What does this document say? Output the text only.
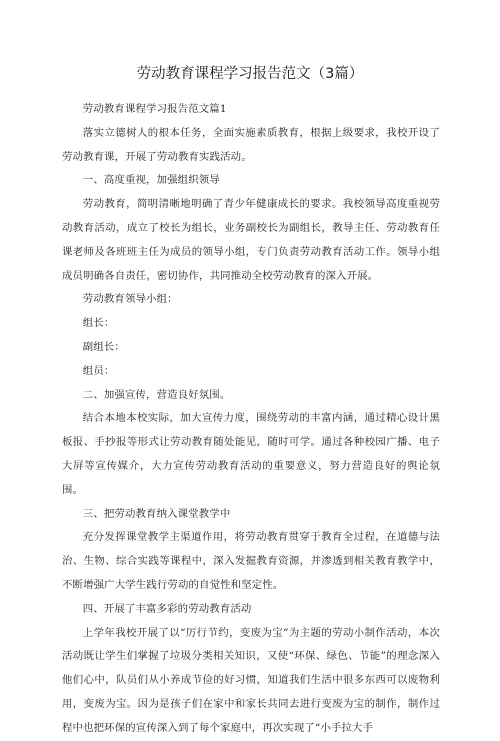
劳动教育课程学习报告范文（3篇）

劳动教育课程学习报告范文篇1

落实立德树人的根本任务，全面实施素质教育，根据上级要求，我校开设了劳动教育课，开展了劳动教育实践活动。

一、高度重视，加强组织领导

劳动教育，简明清晰地明确了青少年健康成长的要求。我校领导高度重视劳动教育活动，成立了校长为组长，业务副校长为副组长，教导主任、劳动教育任课老师及各班班主任为成员的领导小组，专门负责劳动教育活动工作。领导小组成员明确各自责任，密切协作，共同推动全校劳动教育的深入开展。

劳动教育领导小组：

组长：

副组长：

组员：

二、加强宣传，营造良好氛围。

结合本地本校实际，加大宣传力度，围绕劳动的丰富内涵，通过精心设计黑板报、手抄报等形式让劳动教育随处能见，随时可学。通过各种校园广播、电子大屏等宣传媒介，大力宣传劳动教育活动的重要意义，努力营造良好的舆论氛围。

三、把劳动教育纳入课堂教学中

充分发挥课堂教学主渠道作用，将劳动教育贯穿于教育全过程，在道德与法治、生物、综合实践等课程中，深入发掘教育资源，并渗透到相关教育教学中，不断增强广大学生践行劳动的自觉性和坚定性。

四、开展了丰富多彩的劳动教育活动

上学年我校开展了以“厉行节约，变废为宝”为主题的劳动小制作活动，本次活动既让学生们掌握了垃圾分类相关知识，又使“环保、绿色、节能”的理念深入他们心中，队员们从小养成节俭的好习惯，知道我们生活中很多东西可以废物利用，变废为宝。因为是孩子们在家中和家长共同去进行变废为宝的制作，制作过程中也把环保的宣传深入到了每个家庭中，再次实现了“小手拉大手
